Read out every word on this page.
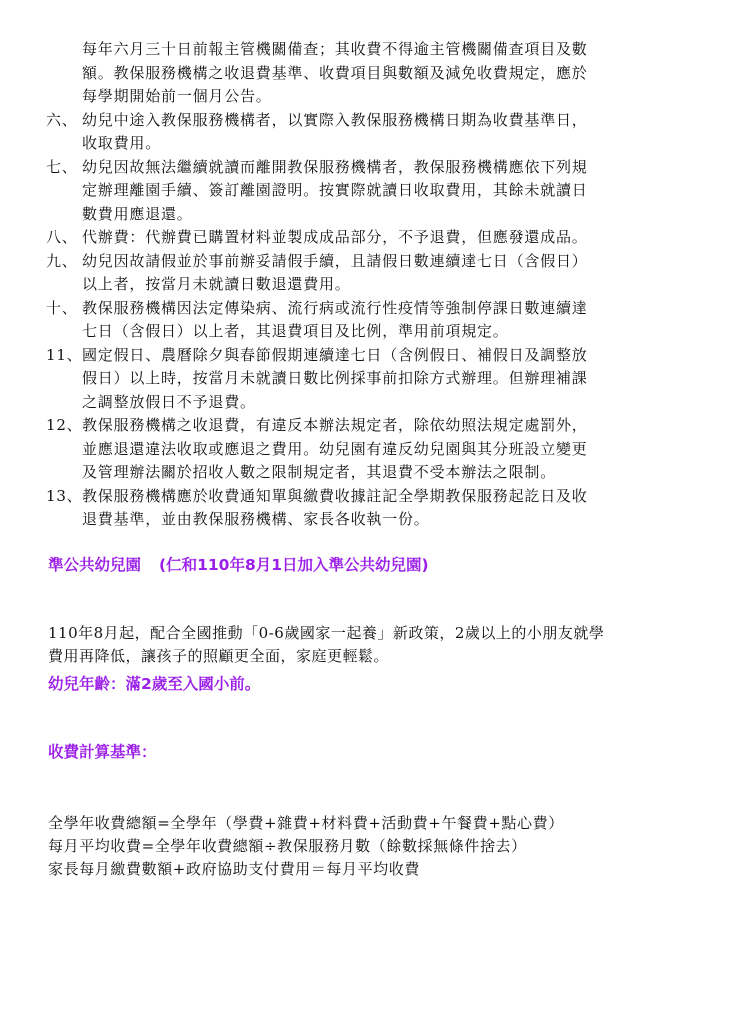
每年六月三十日前報主管機關備查；其收費不得逾主管機關備查項目及數
額。教保服務機構之收退費基準、收費項目與數額及減免收費規定，應於
每學期開始前一個月公告。
六、 幼兒中途入教保服務機構者，以實際入教保服務機構日期為收費基準日，
收取費用。
七、 幼兒因故無法繼續就讀而離開教保服務機構者，教保服務機構應依下列規
定辦理離園手續、簽訂離園證明。按實際就讀日收取費用，其餘未就讀日
數費用應退還。
八、 代辦費：代辦費已購置材料並製成成品部分，不予退費，但應發還成品。
九、 幼兒因故請假並於事前辦妥請假手續，且請假日數連續達七日（含假日）
以上者，按當月未就讀日數退還費用。
十、 教保服務機構因法定傳染病、流行病或流行性疫情等強制停課日數連續達
七日（含假日）以上者，其退費項目及比例，準用前項規定。
11、 國定假日、農曆除夕與春節假期連續達七日（含例假日、補假日及調整放
假日）以上時，按當月未就讀日數比例採事前扣除方式辦理。但辦理補課
之調整放假日不予退費。
12、 教保服務機構之收退費，有違反本辦法規定者，除依幼照法規定處罰外，
並應退還違法收取或應退之費用。幼兒園有違反幼兒園與其分班設立變更
及管理辦法關於招收人數之限制規定者，其退費不受本辦法之限制。
13、 教保服務機構應於收費通知單與繳費收據註記全學期教保服務起訖日及收
退費基準，並由教保服務機構、家長各收執一份。
準公共幼兒園 (仁和110年8月1日加入準公共幼兒園)
110年8月起，配合全國推動「0-6歲國家一起養」新政策，2歲以上的小朋友就學
費用再降低，讓孩子的照顧更全面，家庭更輕鬆。
幼兒年齡：滿2歲至入國小前。
收費計算基準：
全學年收費總額=全學年（學費+雜費+材料費+活動費+午餐費+點心費）
每月平均收費=全學年收費總額÷教保服務月數（餘數採無條件捨去）
家長每月繳費數額+政府協助支付費用＝每月平均收費
